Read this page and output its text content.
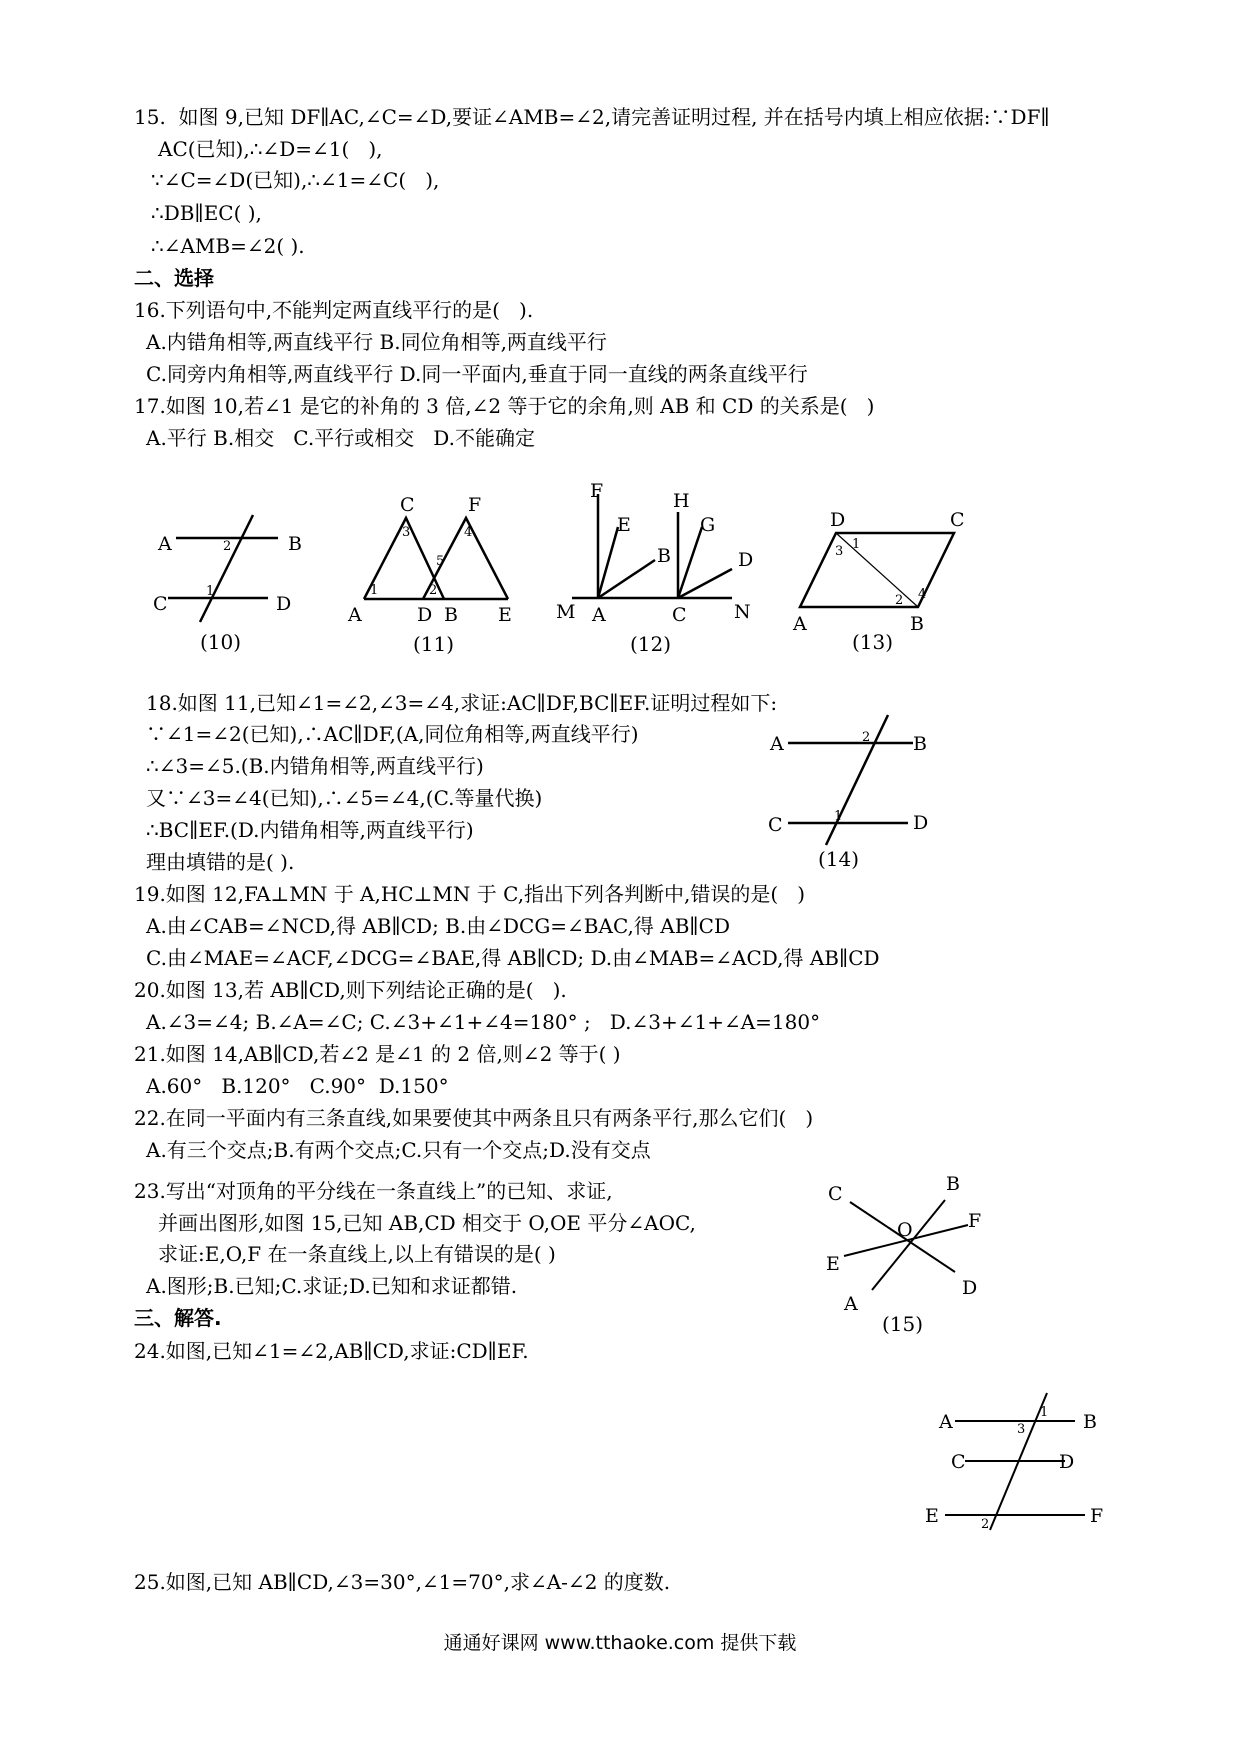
15.  如图 9,已知 DF∥AC,∠C=∠D,要证∠AMB=∠2,请完善证明过程, 并在括号内填上相应依据:∵DF∥
AC(已知),∴∠D=∠1(   ),
∵∠C=∠D(已知),∴∠1=∠C(   ),
∴DB∥EC( ),
∴∠AMB=∠2( ).
二、选择
16.下列语句中,不能判定两直线平行的是(   ).
A.内错角相等,两直线平行 B.同位角相等,两直线平行
C.同旁内角相等,两直线平行 D.同一平面内,垂直于同一直线的两条直线平行
17.如图 10,若∠1 是它的补角的 3 倍,∠2 等于它的余角,则 AB 和 CD 的关系是(   )
A.平行 B.相交   C.平行或相交   D.不能确定
A	B
C	D
2
1
(10)
C	F
A	D B E
1	2
3	4
5
(11)
F
E
B
H
G
D
M A	C N
(12)
D	C
A	B
1
3
2 4
(13)
18.如图 11,已知∠1=∠2,∠3=∠4,求证:AC∥DF,BC∥EF.证明过程如下:
∵∠1=∠2(已知),∴AC∥DF,(A,同位角相等,两直线平行)
∴∠3=∠5.(B.内错角相等,两直线平行)
又∵∠3=∠4(已知),∴∠5=∠4,(C.等量代换)
∴BC∥EF.(D.内错角相等,两直线平行)
理由填错的是( ).
A	B
C	D
2
1
(14)
19.如图 12,FA⊥MN 于 A,HC⊥MN 于 C,指出下列各判断中,错误的是(   )
A.由∠CAB=∠NCD,得 AB∥CD; B.由∠DCG=∠BAC,得 AB∥CD
C.由∠MAE=∠ACF,∠DCG=∠BAE,得 AB∥CD; D.由∠MAB=∠ACD,得 AB∥CD
20.如图 13,若 AB∥CD,则下列结论正确的是(   ).
A.∠3=∠4; B.∠A=∠C; C.∠3+∠1+∠4=180° ;   D.∠3+∠1+∠A=180°
21.如图 14,AB∥CD,若∠2 是∠1 的 2 倍,则∠2 等于( )
A.60°   B.120°   C.90°  D.150°
22.在同一平面内有三条直线,如果要使其中两条且只有两条平行,那么它们(   )
A.有三个交点;B.有两个交点;C.只有一个交点;D.没有交点
23.写出“对顶角的平分线在一条直线上”的已知、求证,
并画出图形,如图 15,已知 AB,CD 相交于 O,OE 平分∠AOC,
求证:E,O,F 在一条直线上,以上有错误的是( )
A.图形;B.已知;C.求证;D.已知和求证都错.
C	B
F
O
E
D
A
(15)
三、解答.
24.如图,已知∠1=∠2,AB∥CD,求证:CD∥EF.
A	B
C	D
E	F
1
3
2
25.如图,已知 AB∥CD,∠3=30°,∠1=70°,求∠A-∠2 的度数.
通通好课网 www.tthaoke.com 提供下载
